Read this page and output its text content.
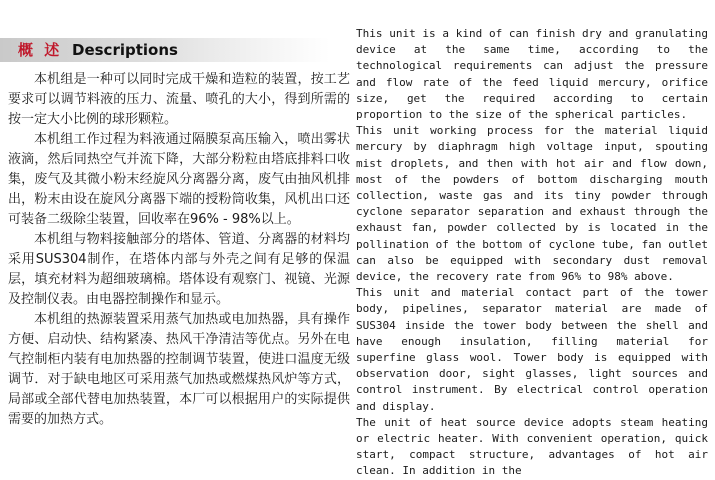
概 述 Descriptions

本机组是一种可以同时完成干燥和造粒的装置，按工艺要求可以调节料液的压力、流量、喷孔的大小，得到所需的按一定大小比例的球形颗粒。

本机组工作过程为料液通过隔膜泵高压输入，喷出雾状液滴，然后同热空气并流下降，大部分粉粒由塔底排料口收集，废气及其微小粉末经旋风分离器分离，废气由抽风机排出，粉末由设在旋风分离器下端的授粉筒收集，风机出口还可装备二级除尘装置，回收率在96% - 98%以上。

本机组与物料接触部分的塔体、管道、分离器的材料均采用SUS304制作，在塔体内部与外壳之间有足够的保温层，填充材料为超细玻璃棉。塔体设有观察门、视镜、光源及控制仪表。由电器控制操作和显示。

本机组的热源装置采用蒸气加热或电加热器，具有操作方便、启动快、结构紧凑、热风干净清洁等优点。另外在电气控制柜内装有电加热器的控制调节装置，使进口温度无级调节．对于缺电地区可采用蒸气加热或燃煤热风炉等方式，局部或全部代替电加热装置，本厂可以根据用户的实际提供需要的加热方式。

This unit is a kind of can finish dry and granulating device at the same time, according to the technological requirements can adjust the pressure and flow rate of the feed liquid mercury, orifice size, get the required according to certain proportion to the size of the spherical particles.

This unit working process for the material liquid mercury by diaphragm high voltage input, spouting mist droplets, and then with hot air and flow down, most of the powders of bottom discharging mouth collection, waste gas and its tiny powder through cyclone separator separation and exhaust through the exhaust fan, powder collected by is located in the pollination of the bottom of cyclone tube, fan outlet can also be equipped with secondary dust removal device, the recovery rate from 96% to 98% above.

This unit and material contact part of the tower body, pipelines, separator material are made of SUS304 inside the tower body between the shell and have enough insulation, filling material for superfine glass wool. Tower body is equipped with observation door, sight glasses, light sources and control instrument. By electrical control operation and display.

The unit of heat source device adopts steam heating or electric heater. With convenient operation, quick start, compact structure, advantages of hot air clean. In addition in the
